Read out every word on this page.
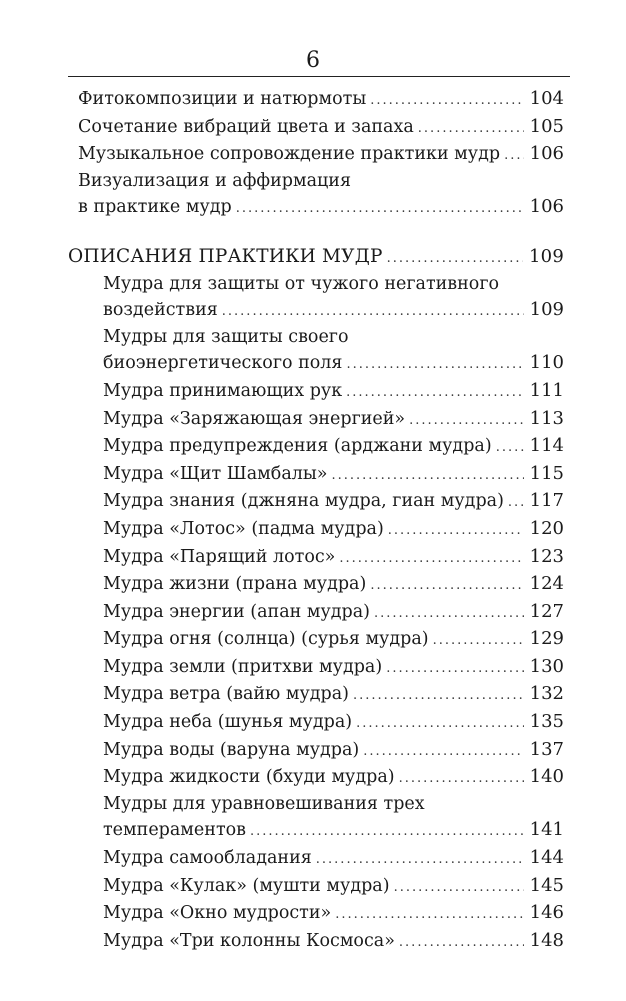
6
Фитокомпозиции и натюрмоты .....	104
Сочетание вибраций цвета и запаха .....	105
Музыкальное сопровождение практики мудр ..... 106
Визуализация и аффирмация
в практике мудр .....	106
ОПИСАНИЯ ПРАКТИКИ МУДР .....	109
Мудра для защиты от чужого негативного
воздействия .....	109
Мудры для защиты своего
биоэнергетического поля .....	110
Мудра принимающих рук .....	111
Мудра «Заряжающая энергией» .....	113
Мудра предупреждения (арджани мудра) ..... 114
Мудра «Щит Шамбалы» .....	115
Мудра знания (джняна мудра, гиан мудра) ..... 117
Мудра «Лотос» (падма мудра) .....	120
Мудра «Парящий лотос» .....	123
Мудра жизни (прана мудра) .....	124
Мудра энергии (апан мудра) .....	127
Мудра огня (солнца) (сурья мудра) .....	129
Мудра земли (притхви мудра) .....	130
Мудра ветра (вайю мудра) .....	132
Мудра неба (шунья мудра) .....	135
Мудра воды (варуна мудра) .....	137
Мудра жидкости (бхуди мудра) .....	140
Мудры для уравновешивания трех
темпераментов .....	141
Мудра самообладания .....	144
Мудра «Кулак» (мушти мудра) .....	145
Мудра «Окно мудрости» .....	146
Мудра «Три колонны Космоса» .....	148
